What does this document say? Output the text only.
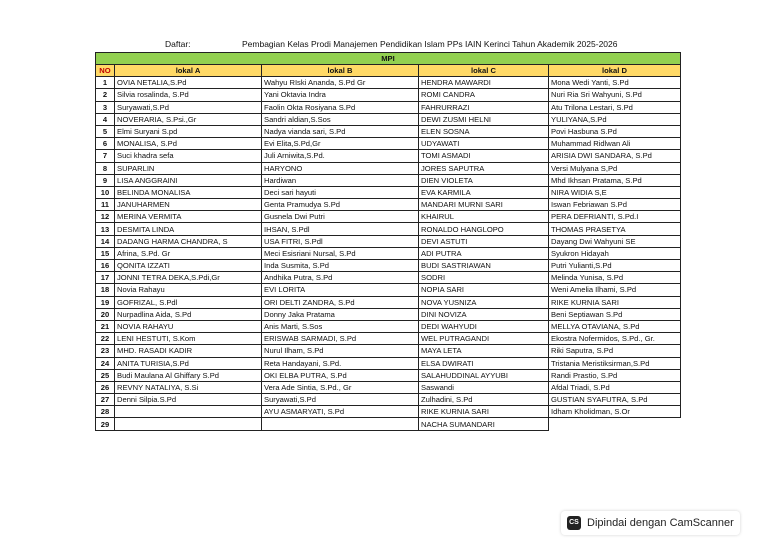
Daftar:	Pembagian Kelas Prodi Manajemen Pendidikan Islam PPs IAIN Kerinci Tahun Akademik 2025-2026
MPI				
NO	lokal A	lokal B	lokal C	lokal D
1	OVIA NETALIA,S.Pd	Wahyu RIski Ananda, S.Pd Gr	HENDRA MAWARDI	Mona Wedi Yanti, S.Pd
2	Silvia rosalinda, S.Pd	Yani Oktavia Indra	ROMI CANDRA	Nuri Ria Sri Wahyuni, S.Pd
3	Suryawati,S.Pd	Faolin Okta Rosiyana S.Pd	FAHRURRAZI	Atu Trilona Lestari, S.Pd
4	NOVERARIA, S.Psi.,Gr	Sandri aldian,S.Sos	DEWI ZUSMI HELNI	YULIYANA,S.Pd
5	Elmi Suryani S.pd	Nadya vianda sari, S.Pd	ELEN SOSNA	Povi Hasbuna S.Pd
6	MONALISA, S.Pd	Evi Elita,S.Pd,Gr	UDYAWATI	Muhammad Ridlwan Ali
7	Suci khadra sefa	Juli Arniwita,S.Pd.	TOMI ASMADI	ARISIA DWI SANDARA, S.Pd
8	SUPARLIN	HARYONO	JORES SAPUTRA	Versi Mulyana S,Pd
9	LISA ANGGRAINI	Hardiwan	DIEN VIOLETA	Mhd Ikhsan Pratama, S.Pd
10	BELINDA MONALISA	Deci sari hayuti	EVA KARMILA	NIRA WIDIA S,E
11	JANUHARMEN	Genta Pramudya S.Pd	MANDARI MURNI SARI	Iswan Febriawan S.Pd
12	MERINA VERMITA	Gusnela Dwi Putri	KHAIRUL	PERA DEFRIANTI, S.Pd.I
13	DESMITA LINDA	IHSAN, S.Pdl	RONALDO HANGLOPO	THOMAS PRASETYA
14	DADANG HARMA CHANDRA, S	USA FITRI, S.Pdl	DEVI ASTUTI	Dayang Dwi Wahyuni SE
15	Afrina, S.Pd. Gr	Meci Esisriani Nursal, S.Pd	ADI PUTRA	Syukron Hidayah
16	QONITA IZZATI	Inda Susmita, S.Pd	BUDI SASTRIAWAN	Putri Yulianti,S.Pd
17	JONNI TETRA DEKA,S.Pdi,Gr	Andhika Putra, S.Pd	SODRI	Melinda Yunisa, S.Pd
18	Novia Rahayu	EVI LORITA	NOPIA SARI	Weni Amelia Ilhami, S.Pd
19	GOFRIZAL, S.Pdl	ORI DELTI ZANDRA, S.Pd	NOVA YUSNIZA	RIKE KURNIA SARI
20	Nurpadlina Aida, S.Pd	Donny Jaka Pratama	DINI NOVIZA	Beni Septiawan S.Pd
21	NOVIA RAHAYU	Anis Marti, S.Sos	DEDI WAHYUDI	MELLYA OTAVIANA, S.Pd
22	LENI HESTUTI, S.Kom	ERISWAB SARMADI, S.Pd	WEL PUTRAGANDI	Ekostra Nofermidos, S.Pd., Gr.
23	MHD. RASADI KADIR	Nurul Ilham, S.Pd	MAYA LETA	Riki Saputra, S.Pd
24	ANITA TURISIA,S.Pd	Reta Handayani, S.Pd.	ELSA DWIRATI	Tristania Meristiksirman,S.Pd
25	Budi Maulana Al Ghiffary S.Pd	OKI ELBA PUTRA, S.Pd	SALAHUDDINAL AYYUBI	Randi Prastio, S.Pd
26	REVNY NATALIYA, S.Si	Vera Ade Sintia, S.Pd., Gr	Saswandi	Afdal Triadi, S.Pd
27	Denni Silpia.S.Pd	Suryawati,S.Pd	Zulhadini, S.Pd	GUSTIAN SYAFUTRA, S.Pd
28		AYU ASMARYATI, S.Pd	RIKE KURNIA SARI	Idham Kholidman, S.Or
29			NACHA SUMANDARI	
CS Dipindai dengan CamScanner
